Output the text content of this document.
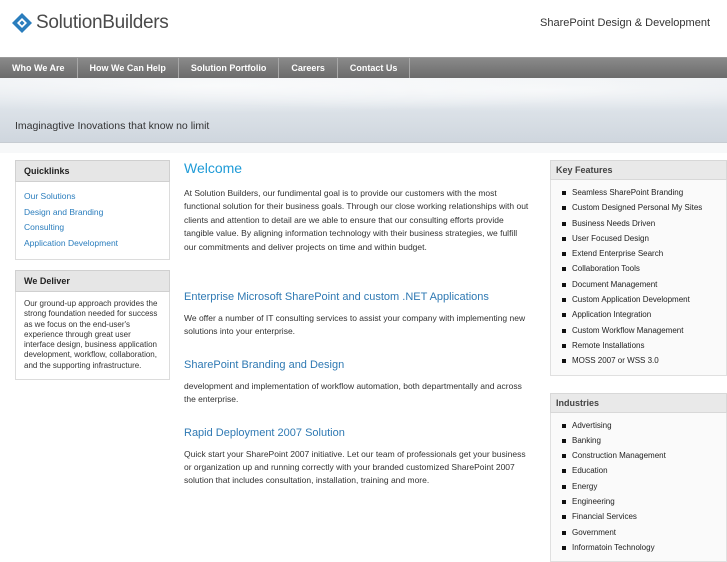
SolutionBuilders	SharePoint Design & Development
Who We Are	How We Can Help	Solution Portfolio	Careers	Contact Us
Imaginagtive Inovations that know no limit
Quicklinks
Our Solutions
Design and Branding
Consulting
Application Development
We Deliver
Our ground-up approach provides the strong foundation needed for success as we focus on the end-user's experience through great user interface design, business application development, workflow, collaboration, and the supporting infrastructure.
Welcome
At Solution Builders, our fundimental goal is to provide our customers with the most functional solution for their business goals. Through our close working relationships with out clients and attention to detail are we able to ensure that our consulting efforts provide tangible value. By aligning information technology with their business strategies, we fulfill our commitments and deliver projects on time and within budget.
Enterprise Microsoft SharePoint and custom .NET Applications
We offer a number of IT consulting services to assist your company with implementing new solutions into your enterprise.
SharePoint Branding and Design
development and implementation of workflow automation, both departmentally and across the enterprise.
Rapid Deployment 2007 Solution
Quick start your SharePoint 2007 initiative. Let our team of professionals get your business or organization up and running correctly with your branded customized SharePoint 2007 solution that includes consultation, installation, training and more.
Key Features
Seamless SharePoint Branding
Custom Designed Personal My Sites
Business Needs Driven
User Focused Design
Extend Enterprise Search
Collaboration Tools
Document Management
Custom Application Development
Application Integration
Custom Workflow Management
Remote Installations
MOSS 2007 or WSS 3.0
Industries
Advertising
Banking
Construction Management
Education
Energy
Engineering
Financial Services
Government
Informatoin Technology
